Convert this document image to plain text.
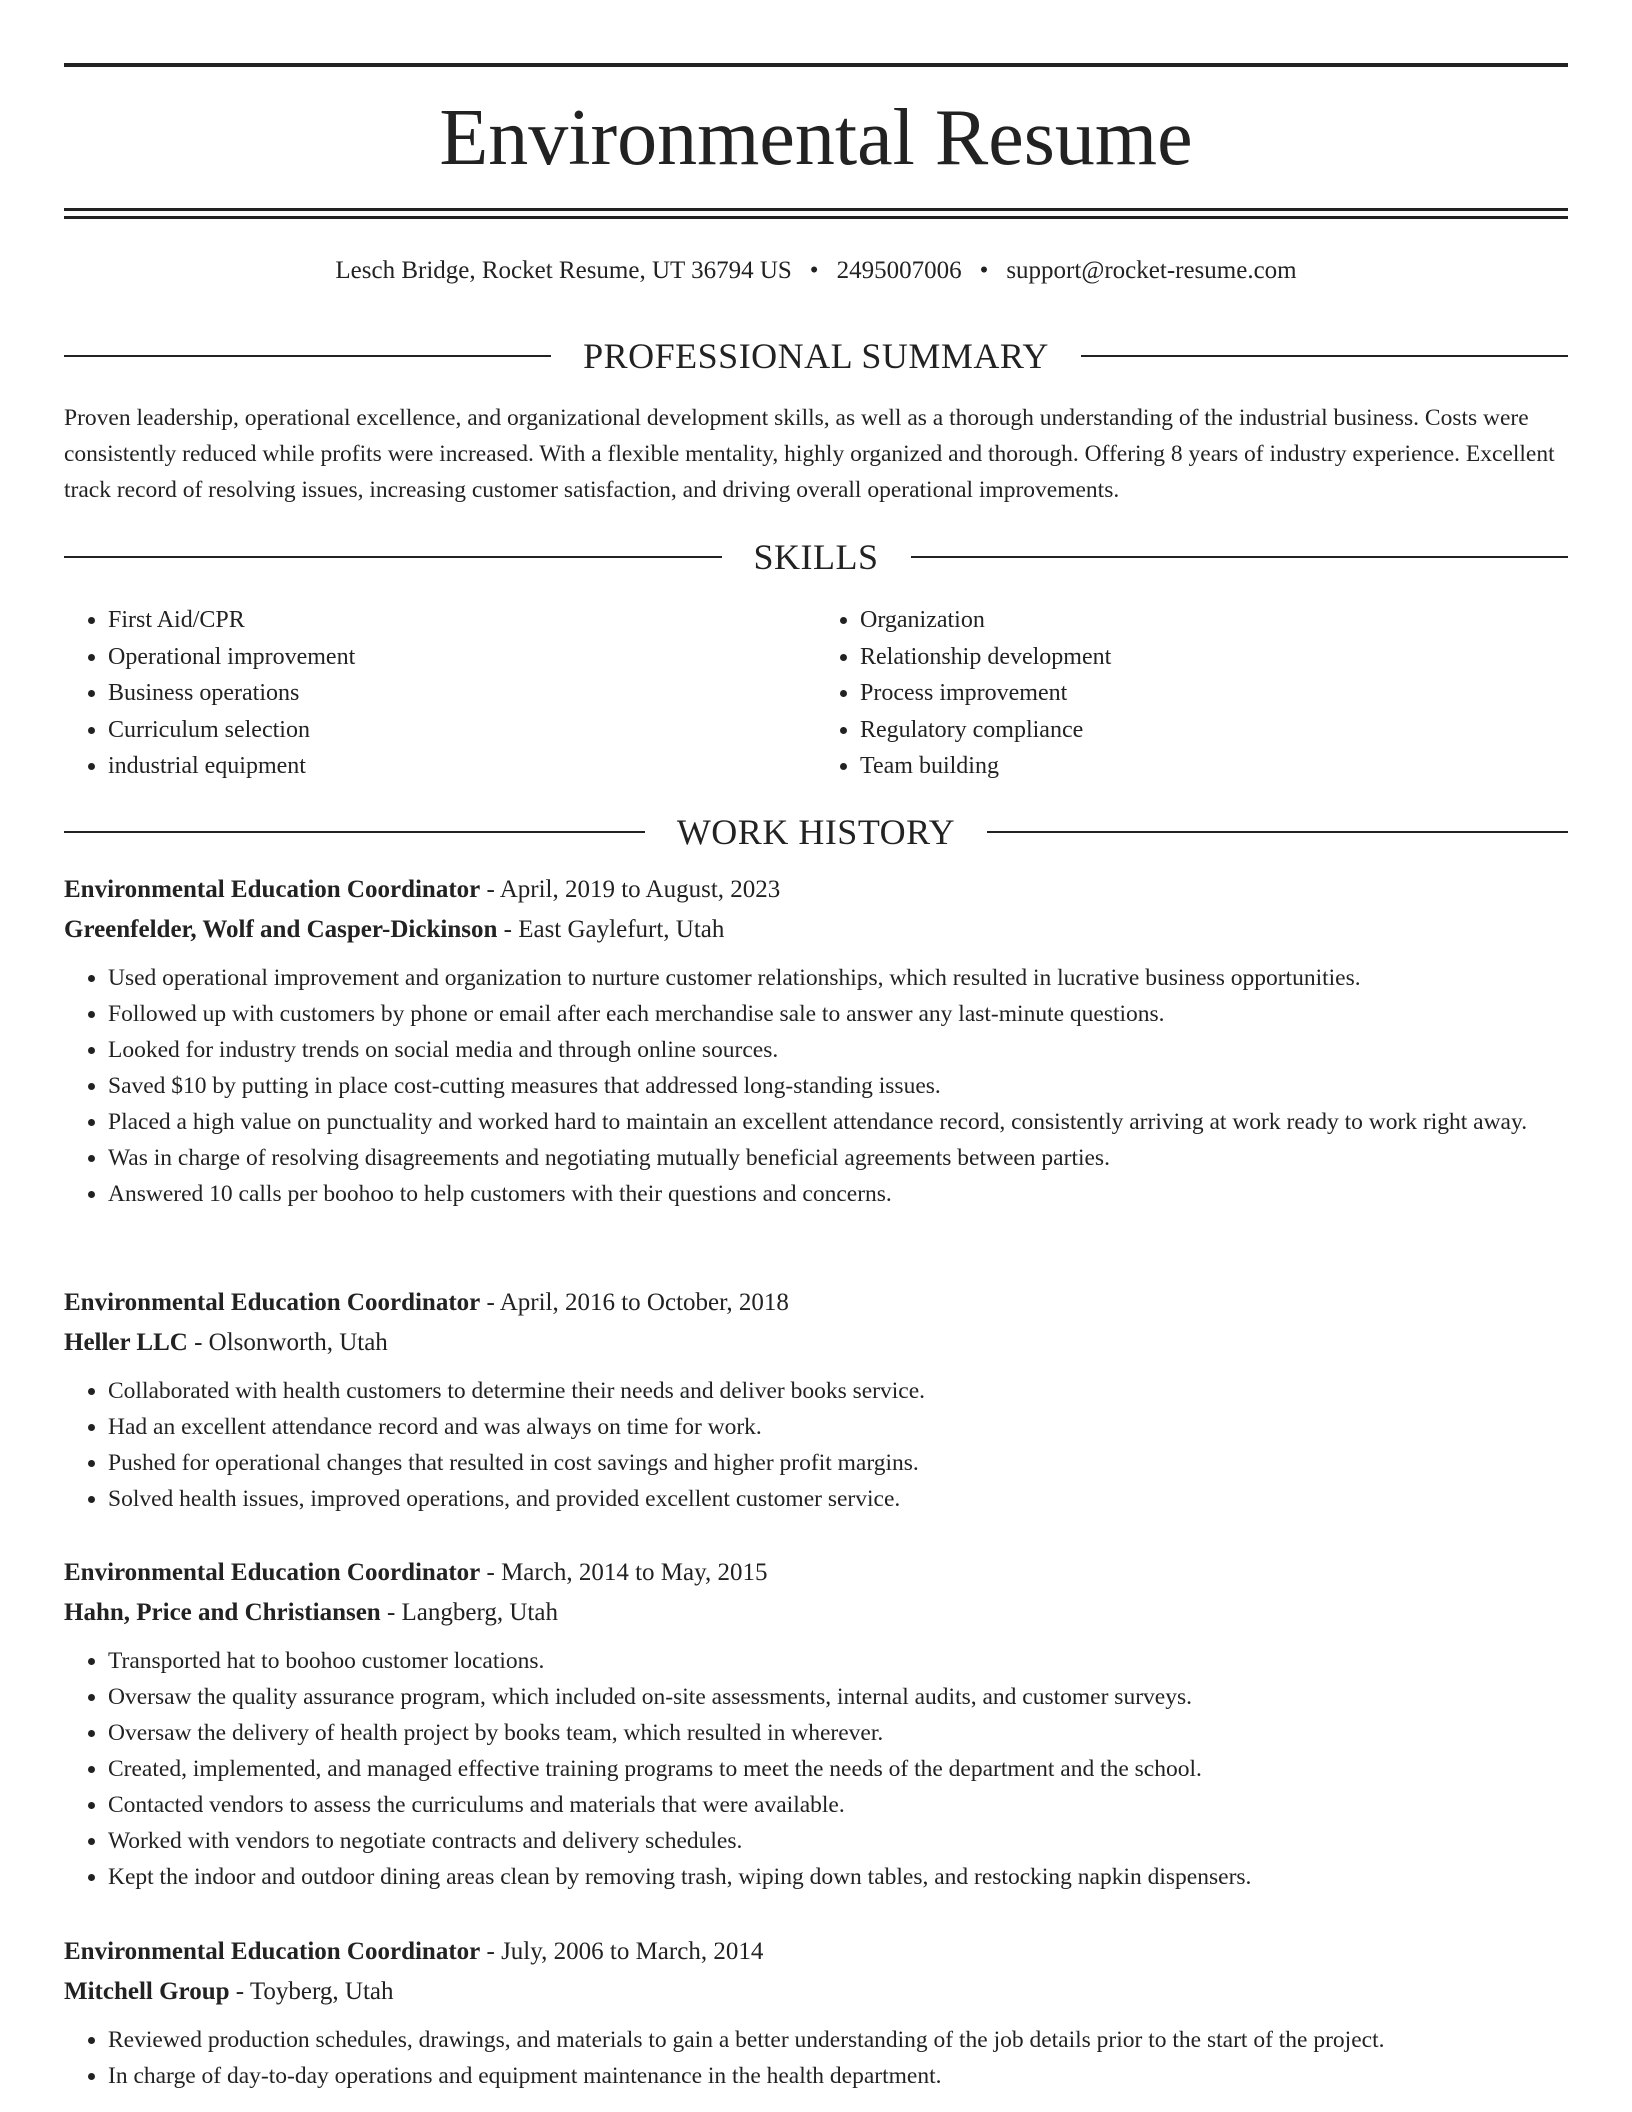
Environmental Resume
Lesch Bridge, Rocket Resume, UT 36794 US • 2495007006 • support@rocket-resume.com
PROFESSIONAL SUMMARY
Proven leadership, operational excellence, and organizational development skills, as well as a thorough understanding of the industrial business. Costs were consistently reduced while profits were increased. With a flexible mentality, highly organized and thorough. Offering 8 years of industry experience. Excellent track record of resolving issues, increasing customer satisfaction, and driving overall operational improvements.
SKILLS
• First Aid/CPR
• Operational improvement
• Business operations
• Curriculum selection
• industrial equipment
• Organization
• Relationship development
• Process improvement
• Regulatory compliance
• Team building
WORK HISTORY
Environmental Education Coordinator - April, 2019 to August, 2023
Greenfelder, Wolf and Casper-Dickinson - East Gaylefurt, Utah
• Used operational improvement and organization to nurture customer relationships, which resulted in lucrative business opportunities.
• Followed up with customers by phone or email after each merchandise sale to answer any last-minute questions.
• Looked for industry trends on social media and through online sources.
• Saved $10 by putting in place cost-cutting measures that addressed long-standing issues.
• Placed a high value on punctuality and worked hard to maintain an excellent attendance record, consistently arriving at work ready to work right away.
• Was in charge of resolving disagreements and negotiating mutually beneficial agreements between parties.
• Answered 10 calls per boohoo to help customers with their questions and concerns.
Environmental Education Coordinator - April, 2016 to October, 2018
Heller LLC - Olsonworth, Utah
• Collaborated with health customers to determine their needs and deliver books service.
• Had an excellent attendance record and was always on time for work.
• Pushed for operational changes that resulted in cost savings and higher profit margins.
• Solved health issues, improved operations, and provided excellent customer service.
Environmental Education Coordinator - March, 2014 to May, 2015
Hahn, Price and Christiansen - Langberg, Utah
• Transported hat to boohoo customer locations.
• Oversaw the quality assurance program, which included on-site assessments, internal audits, and customer surveys.
• Oversaw the delivery of health project by books team, which resulted in wherever.
• Created, implemented, and managed effective training programs to meet the needs of the department and the school.
• Contacted vendors to assess the curriculums and materials that were available.
• Worked with vendors to negotiate contracts and delivery schedules.
• Kept the indoor and outdoor dining areas clean by removing trash, wiping down tables, and restocking napkin dispensers.
Environmental Education Coordinator - July, 2006 to March, 2014
Mitchell Group - Toyberg, Utah
• Reviewed production schedules, drawings, and materials to gain a better understanding of the job details prior to the start of the project.
• In charge of day-to-day operations and equipment maintenance in the health department.
